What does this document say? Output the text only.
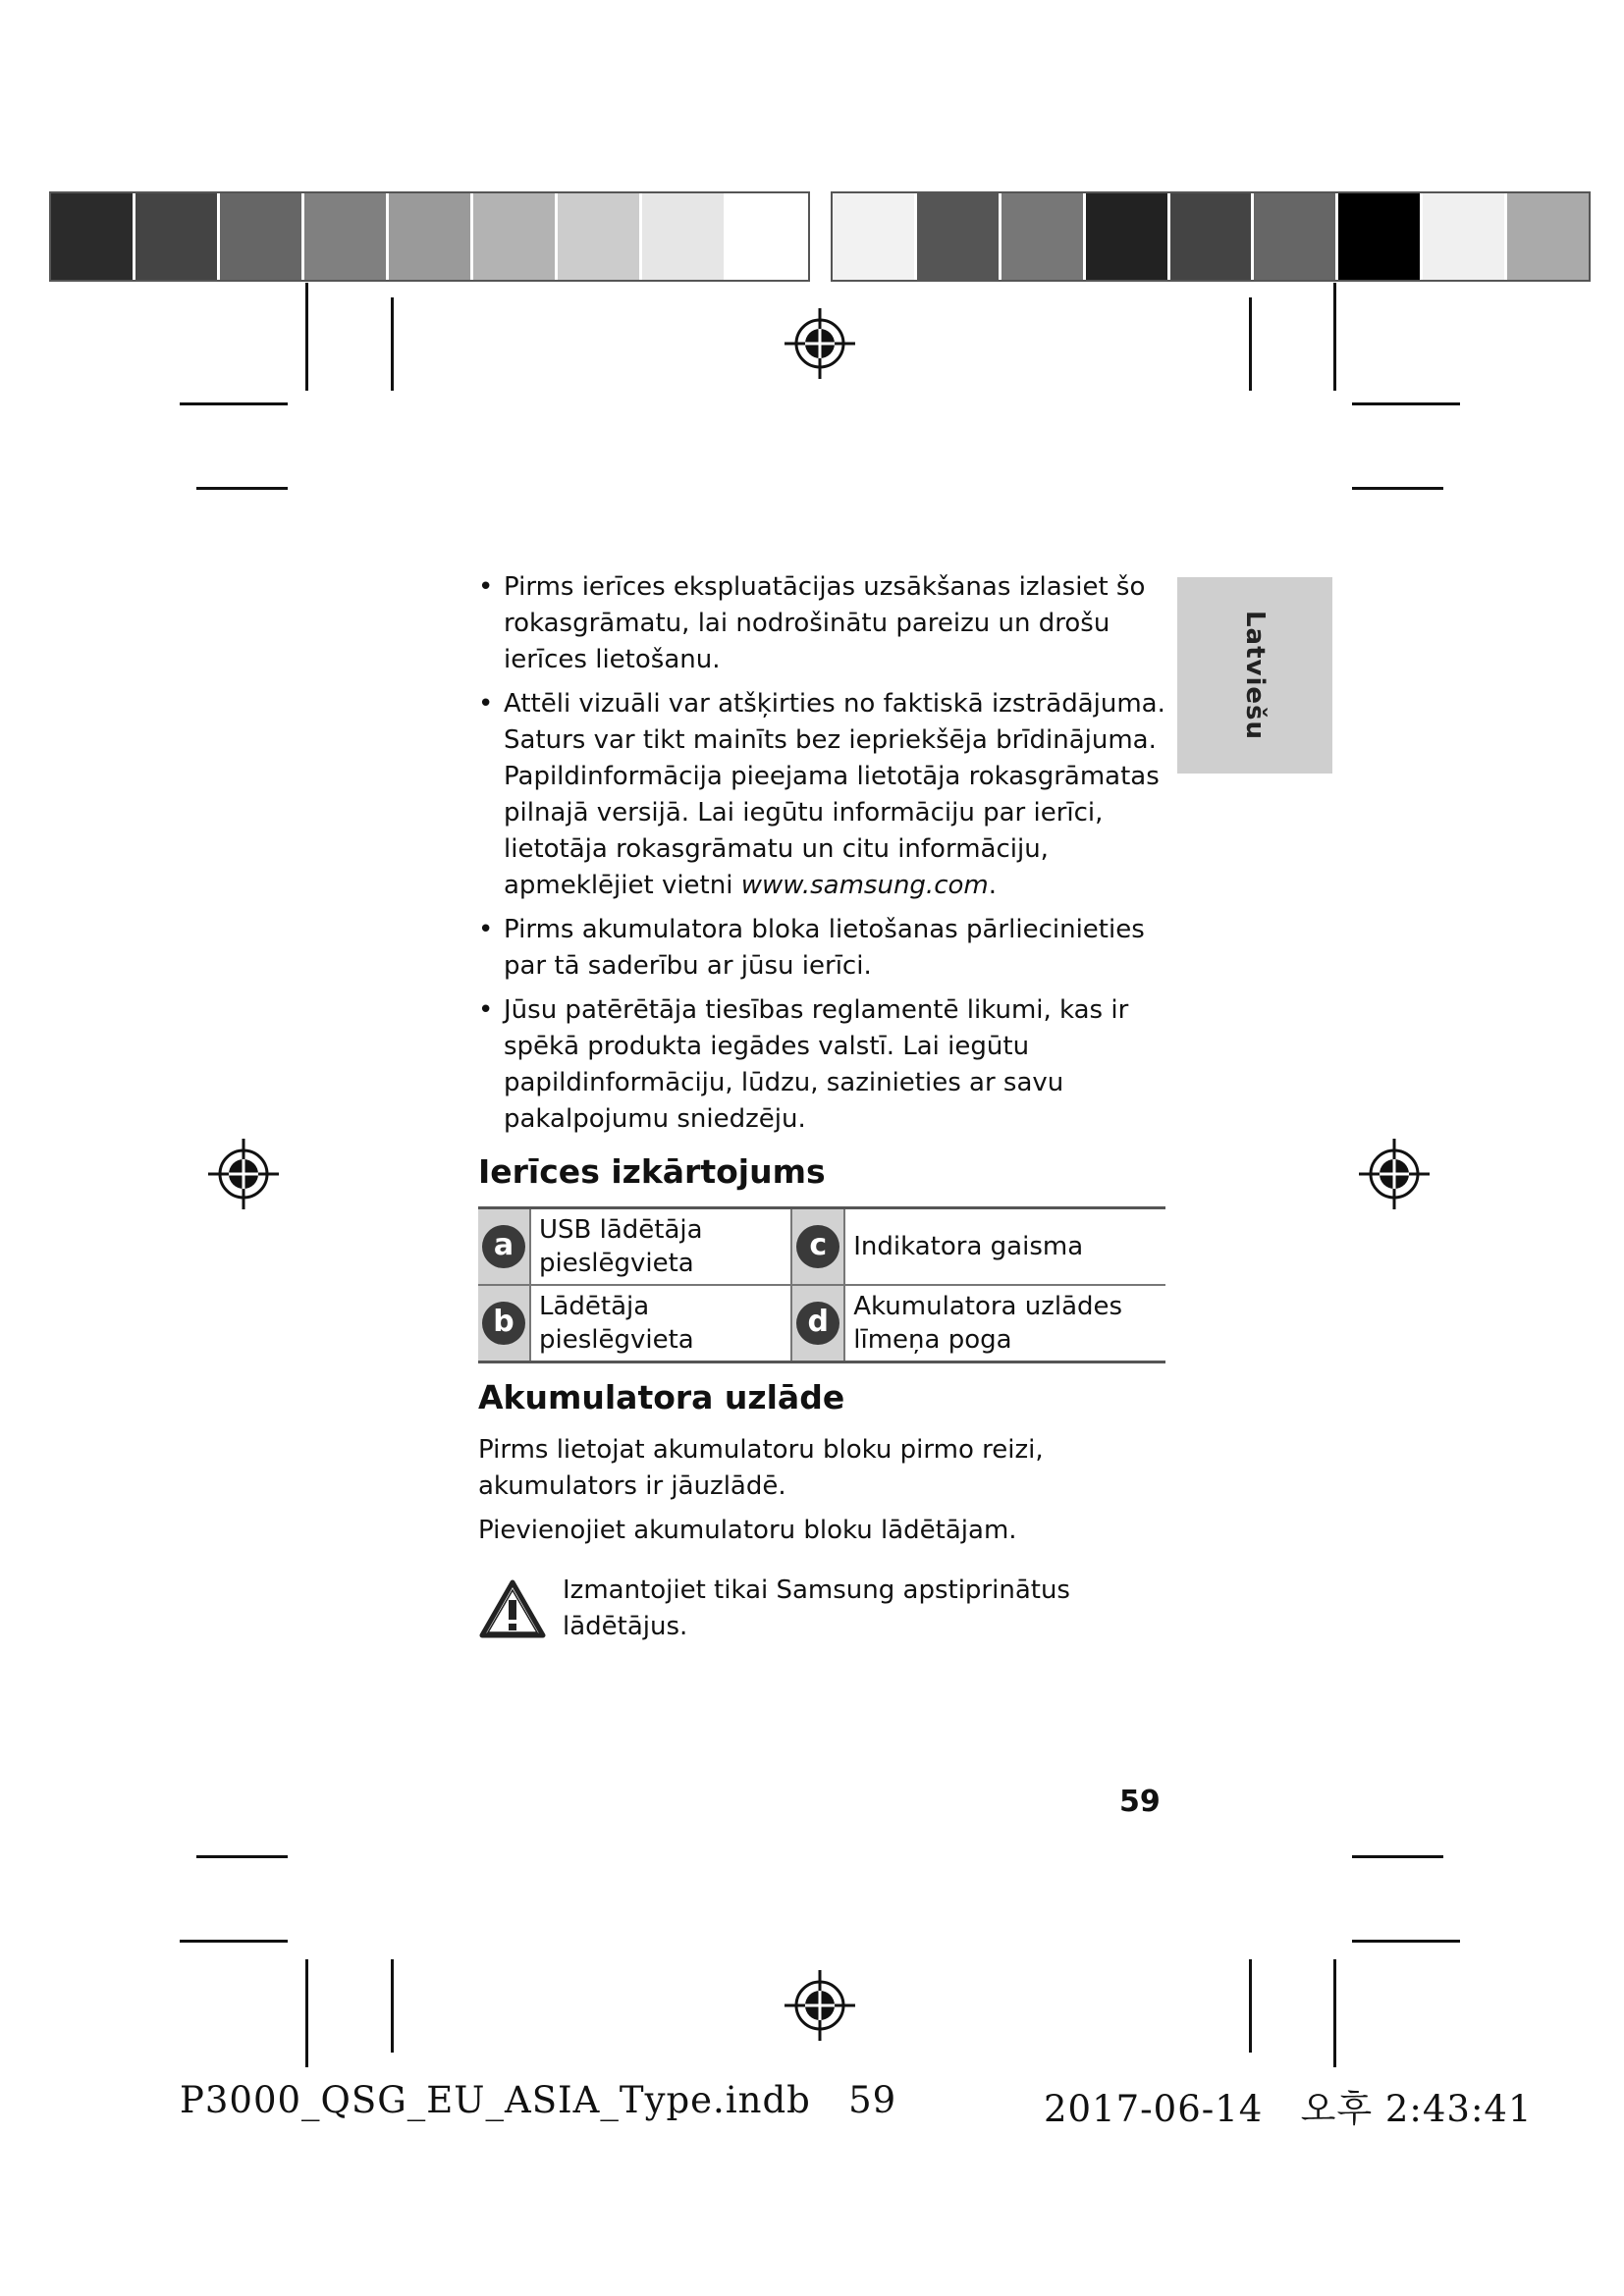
Latviešu
• Pirms ierīces ekspluatācijas uzsākšanas izlasiet šo rokasgrāmatu, lai nodrošinātu pareizu un drošu ierīces lietošanu.
• Attēli vizuāli var atšķirties no faktiskā izstrādājuma. Saturs var tikt mainīts bez iepriekšēja brīdinājuma. Papildinformācija pieejama lietotāja rokasgrāmatas pilnajā versijā. Lai iegūtu informāciju par ierīci, lietotāja rokasgrāmatu un citu informāciju, apmeklējiet vietni www.samsung.com.
• Pirms akumulatora bloka lietošanas pārliecinieties par tā saderību ar jūsu ierīci.
• Jūsu patērētāja tiesības reglamentē likumi, kas ir spēkā produkta iegādes valstī. Lai iegūtu papildinformāciju, lūdzu, sazinieties ar savu pakalpojumu sniedzēju.
Ierīces izkārtojums
a	USB lādētāja pieslēgvieta	c	Indikatora gaisma
b	Lādētāja pieslēgvieta	d	Akumulatora uzlādes līmeņa poga
Akumulatora uzlāde

Pirms lietojat akumulatoru bloku pirmo reizi, akumulators ir jāuzlādē.

Pievienojiet akumulatoru bloku lādētājam.

Izmantojiet tikai Samsung apstiprinātus lādētājus.
59
P3000_QSG_EU_ASIA_Type.indb   59	2017-06-14   오후 2:43:41
